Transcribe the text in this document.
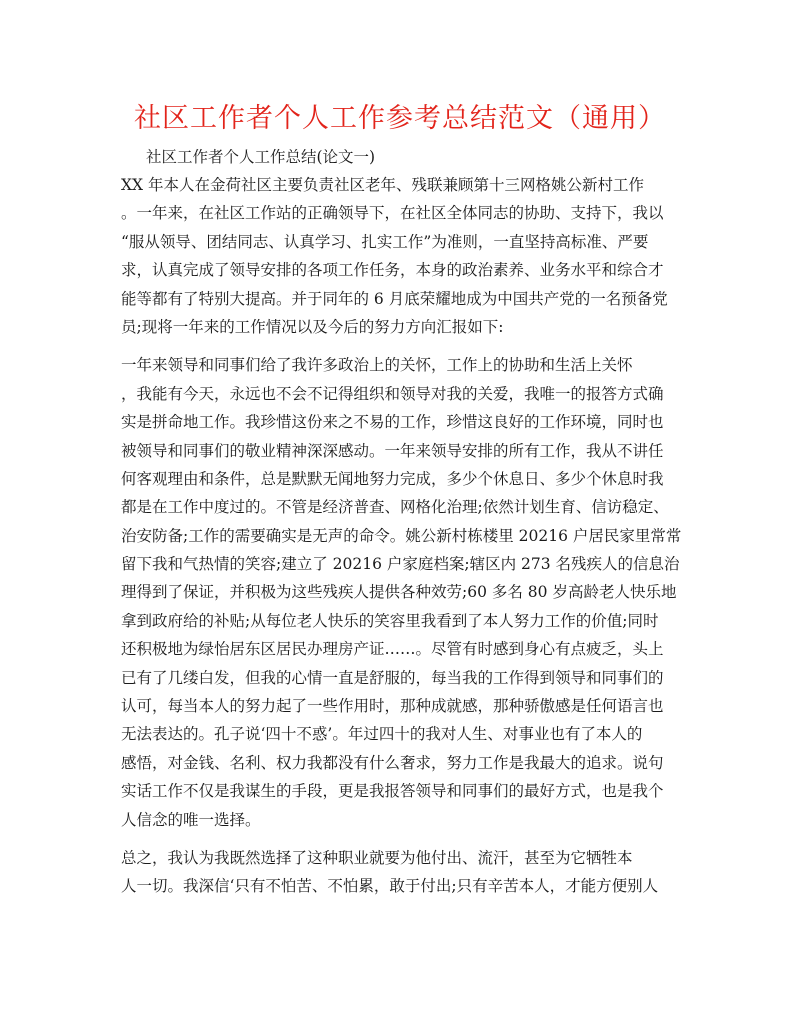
社区工作者个人工作参考总结范文（通用）
社区工作者个人工作总结(论文一)
XX 年本人在金荷社区主要负责社区老年、残联兼顾第十三网格姚公新村工作
。一年来，在社区工作站的正确领导下，在社区全体同志的协助、支持下，我以
“服从领导、团结同志、认真学习、扎实工作”为准则，一直坚持高标准、严要
求，认真完成了领导安排的各项工作任务，本身的政治素养、业务水平和综合才
能等都有了特别大提高。并于同年的 6 月底荣耀地成为中国共产党的一名预备党
员;现将一年来的工作情况以及今后的努力方向汇报如下:
一年来领导和同事们给了我许多政治上的关怀，工作上的协助和生活上关怀
，我能有今天，永远也不会不记得组织和领导对我的关爱，我唯一的报答方式确
实是拼命地工作。我珍惜这份来之不易的工作，珍惜这良好的工作环境，同时也
被领导和同事们的敬业精神深深感动。一年来领导安排的所有工作，我从不讲任
何客观理由和条件，总是默默无闻地努力完成，多少个休息日、多少个休息时我
都是在工作中度过的。不管是经济普查、网格化治理;依然计划生育、信访稳定、
治安防备;工作的需要确实是无声的命令。姚公新村栋楼里 20216 户居民家里常常
留下我和气热情的笑容;建立了 20216 户家庭档案;辖区内 273 名残疾人的信息治
理得到了保证，并积极为这些残疾人提供各种效劳;60 多名 80 岁高龄老人快乐地
拿到政府给的补贴;从每位老人快乐的笑容里我看到了本人努力工作的价值;同时
还积极地为绿怡居东区居民办理房产证……。尽管有时感到身心有点疲乏，头上
已有了几缕白发，但我的心情一直是舒服的，每当我的工作得到领导和同事们的
认可，每当本人的努力起了一些作用时，那种成就感，那种骄傲感是任何语言也
无法表达的。孔子说‘四十不惑’。年过四十的我对人生、对事业也有了本人的
感悟，对金钱、名利、权力我都没有什么奢求，努力工作是我最大的追求。说句
实话工作不仅是我谋生的手段，更是我报答领导和同事们的最好方式，也是我个
人信念的唯一选择。
总之，我认为我既然选择了这种职业就要为他付出、流汗，甚至为它牺牲本
人一切。我深信‘只有不怕苦、不怕累，敢于付出;只有辛苦本人，才能方便别人
